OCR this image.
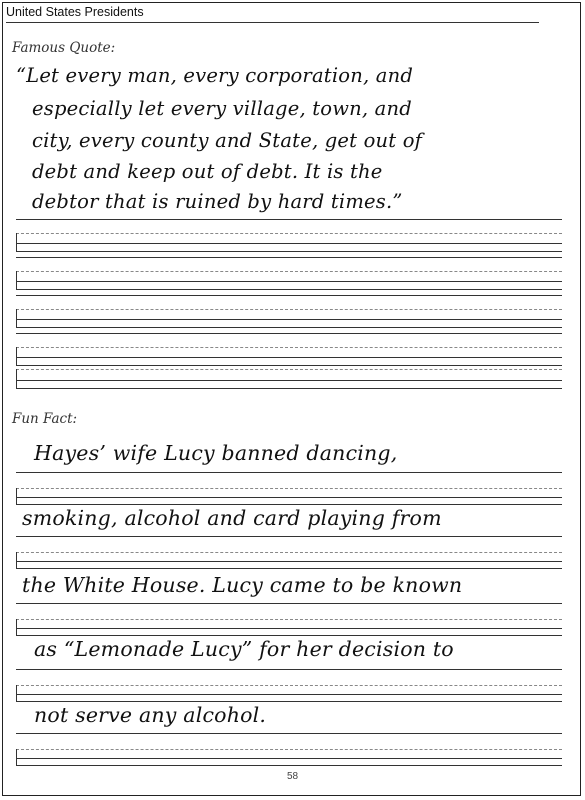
United States Presidents
Famous Quote:
“Let every man, every corporation, and
especially let every village, town, and
city, every county and State, get out of
debt and keep out of debt. It is the
debtor that is ruined by hard times.”
Fun Fact:
Hayes’ wife Lucy banned dancing,
smoking, alcohol and card playing from
the White House. Lucy came to be known
as “Lemonade Lucy” for her decision to
not serve any alcohol.
58
